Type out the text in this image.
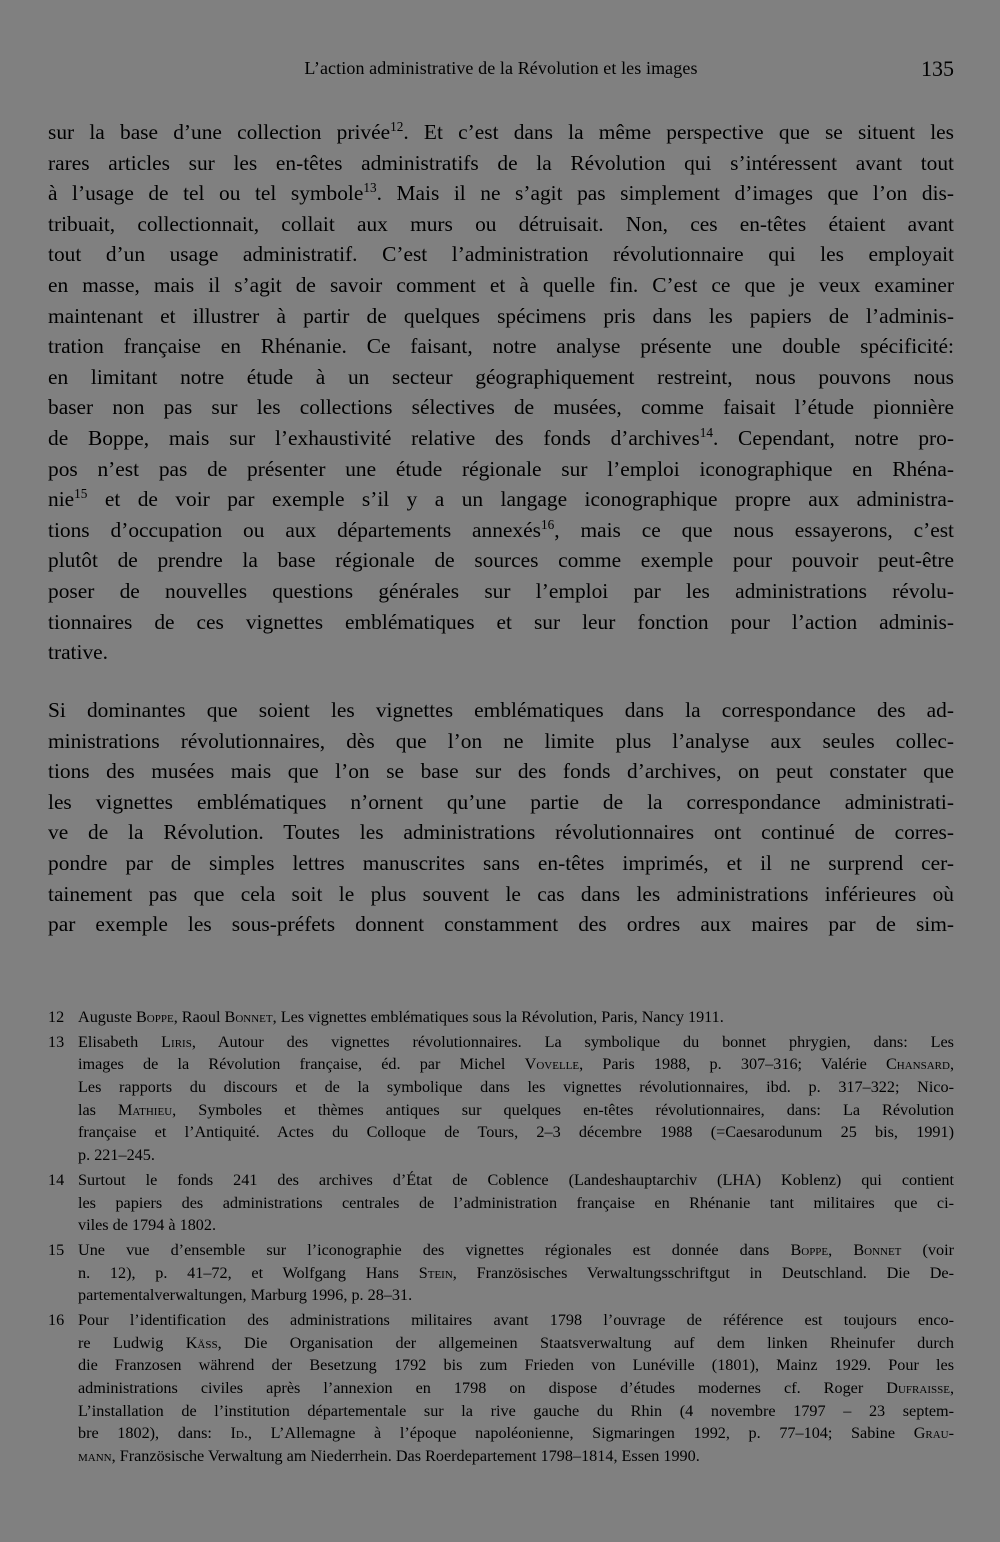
L’action administrative de la Révolution et les images	135
sur la base d’une collection privée$^{12}$. Et c’est dans la même perspective que se situent les
rares articles sur les en-têtes administratifs de la Révolution qui s’intéressent avant tout
à l’usage de tel ou tel symbole$^{13}$. Mais il ne s’agit pas simplement d’images que l’on dis-
tribuait, collectionnait, collait aux murs ou détruisait. Non, ces en-têtes étaient avant
tout d’un usage administratif. C’est l’administration révolutionnaire qui les employait
en masse, mais il s’agit de savoir comment et à quelle fin. C’est ce que je veux examiner
maintenant et illustrer à partir de quelques spécimens pris dans les papiers de l’adminis-
tration française en Rhénanie. Ce faisant, notre analyse présente une double spécificité:
en limitant notre étude à un secteur géographiquement restreint, nous pouvons nous
baser non pas sur les collections sélectives de musées, comme faisait l’étude pionnière
de Boppe, mais sur l’exhaustivité relative des fonds d’archives$^{14}$. Cependant, notre pro-
pos n’est pas de présenter une étude régionale sur l’emploi iconographique en Rhéna-
nie$^{15}$ et de voir par exemple s’il y a un langage iconographique propre aux administra-
tions d’occupation ou aux départements annexés$^{16}$, mais ce que nous essayerons, c’est
plutôt de prendre la base régionale de sources comme exemple pour pouvoir peut-être
poser de nouvelles questions générales sur l’emploi par les administrations révolu-
tionnaires de ces vignettes emblématiques et sur leur fonction pour l’action adminis-
trative.
Si dominantes que soient les vignettes emblématiques dans la correspondance des ad-
ministrations révolutionnaires, dès que l’on ne limite plus l’analyse aux seules collec-
tions des musées mais que l’on se base sur des fonds d’archives, on peut constater que
les vignettes emblématiques n’ornent qu’une partie de la correspondance administrati-
ve de la Révolution. Toutes les administrations révolutionnaires ont continué de corres-
pondre par de simples lettres manuscrites sans en-têtes imprimés, et il ne surprend cer-
tainement pas que cela soit le plus souvent le cas dans les administrations inférieures où
par exemple les sous-préfets donnent constamment des ordres aux maires par de sim-
12 Auguste Boppe, Raoul Bonnet, Les vignettes emblématiques sous la Révolution, Paris, Nancy 1911.
13 Elisabeth Liris, Autour des vignettes révolutionnaires. La symbolique du bonnet phrygien, dans: Les
images de la Révolution française, éd. par Michel Vovelle, Paris 1988, p. 307–316; Valérie Chansard,
Les rapports du discours et de la symbolique dans les vignettes révolutionnaires, ibd. p. 317–322; Nico-
las Mathieu, Symboles et thèmes antiques sur quelques en-têtes révolutionnaires, dans: La Révolution
française et l’Antiquité. Actes du Colloque de Tours, 2–3 décembre 1988 (=Caesarodunum 25 bis, 1991)
p. 221–245.
14 Surtout le fonds 241 des archives d’État de Coblence (Landeshauptarchiv (LHA) Koblenz) qui contient
les papiers des administrations centrales de l’administration française en Rhénanie tant militaires que ci-
viles de 1794 à 1802.
15 Une vue d’ensemble sur l’iconographie des vignettes régionales est donnée dans Boppe, Bonnet (voir
n. 12), p. 41–72, et Wolfgang Hans Stein, Französisches Verwaltungsschriftgut in Deutschland. Die De-
partementalverwaltungen, Marburg 1996, p. 28–31.
16 Pour l’identification des administrations militaires avant 1798 l’ouvrage de référence est toujours enco-
re Ludwig Käss, Die Organisation der allgemeinen Staatsverwaltung auf dem linken Rheinufer durch
die Franzosen während der Besetzung 1792 bis zum Frieden von Lunéville (1801), Mainz 1929. Pour les
administrations civiles après l’annexion en 1798 on dispose d’études modernes cf. Roger Dufraisse,
L’installation de l’institution départementale sur la rive gauche du Rhin (4 novembre 1797 – 23 septem-
bre 1802), dans: Id., L’Allemagne à l’époque napoléonienne, Sigmaringen 1992, p. 77–104; Sabine Grau-
mann, Französische Verwaltung am Niederrhein. Das Roerdepartement 1798–1814, Essen 1990.
